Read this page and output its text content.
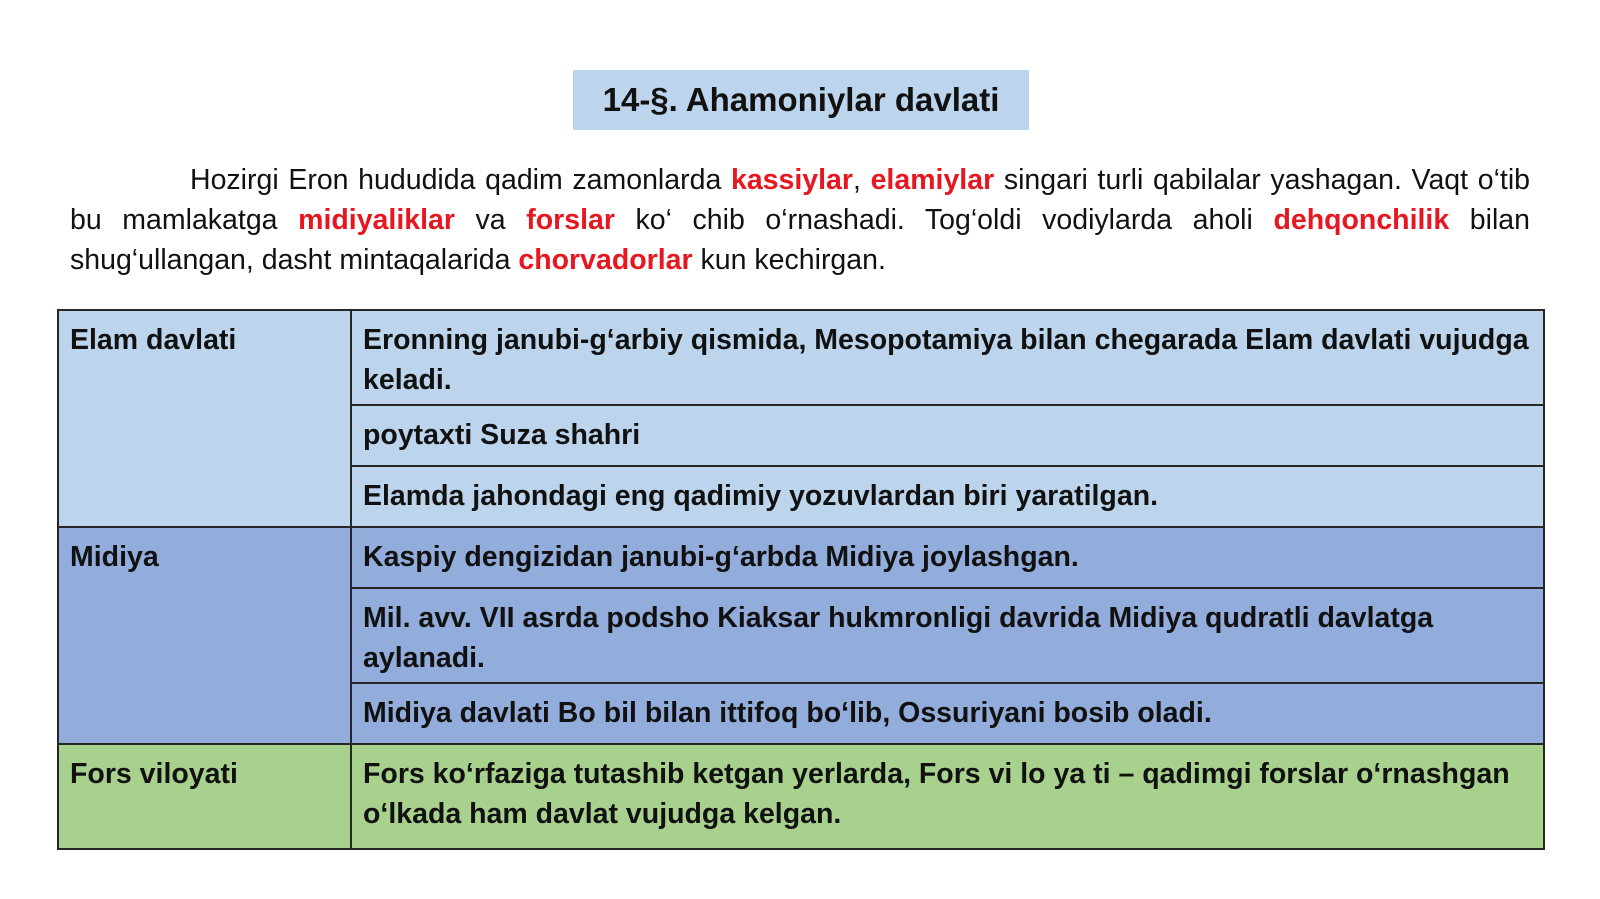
14-§. Ahamoniylar davlati

Hozirgi Eron hududida qadim zamonlarda kassiylar, elamiylar singari turli qabilalar yashagan. Vaqt o‘tib bu mamlakatga midiyaliklar va forslar ko‘ chib o‘rnashadi. Tog‘oldi vodiylarda aholi dehqonchilik bilan shug‘ullangan, dasht mintaqalarida chorvadorlar kun kechirgan.

Elam davlati	Eronning janubi-g‘arbiy qismida, Mesopotamiya bilan chegarada Elam davlati vujudga keladi.
	poytaxti Suza shahri
	Elamda jahondagi eng qadimiy yozuvlardan biri yaratilgan.
Midiya	Kaspiy dengizidan janubi-g‘arbda Midiya joylashgan.
	Mil. avv. VII asrda podsho Kiaksar hukmronligi davrida Midiya qudratli davlatga aylanadi.
	Midiya davlati Bo bil bilan ittifoq bo‘lib, Ossuriyani bosib oladi.
Fors viloyati	Fors ko‘rfaziga tutashib ketgan yerlarda, Fors vi lo ya ti – qadimgi forslar o‘rnashgan o‘lkada ham davlat vujudga kelgan.
